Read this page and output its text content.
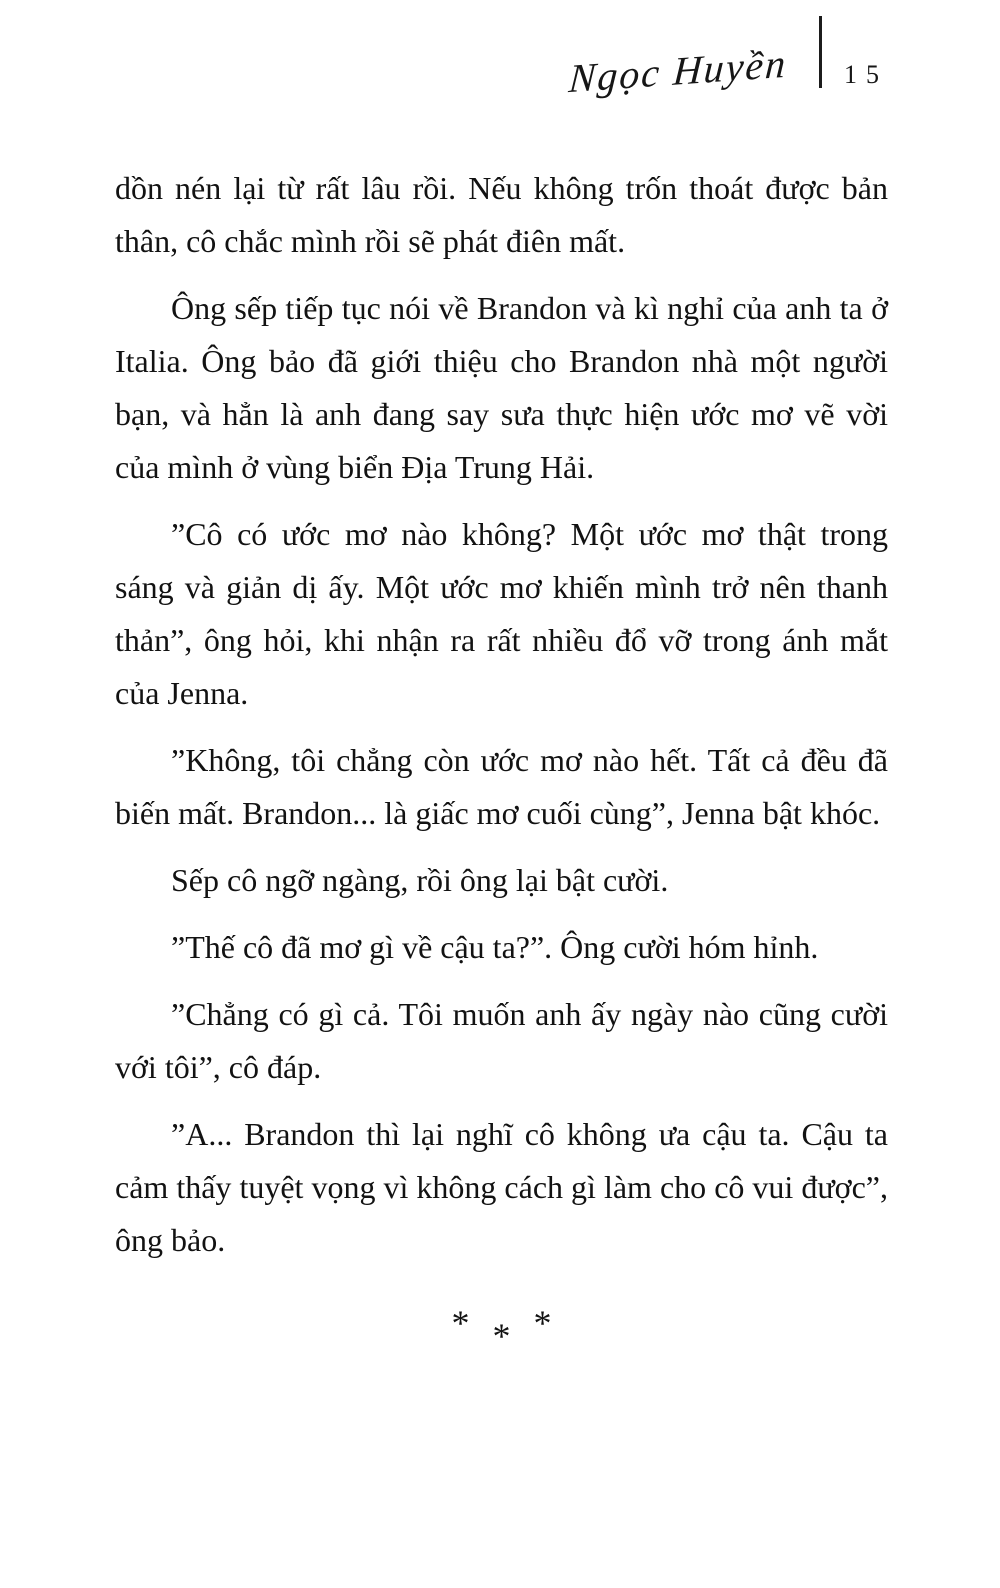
Ngọc Huyền 15

dồn nén lại từ rất lâu rồi. Nếu không trốn thoát được bản thân, cô chắc mình rồi sẽ phát điên mất.

Ông sếp tiếp tục nói về Brandon và kì nghỉ của anh ta ở Italia. Ông bảo đã giới thiệu cho Brandon nhà một người bạn, và hẳn là anh đang say sưa thực hiện ước mơ vẽ vời của mình ở vùng biển Địa Trung Hải.

”Cô có ước mơ nào không? Một ước mơ thật trong sáng và giản dị ấy. Một ước mơ khiến mình trở nên thanh thản”, ông hỏi, khi nhận ra rất nhiều đổ vỡ trong ánh mắt của Jenna.

”Không, tôi chẳng còn ước mơ nào hết. Tất cả đều đã biến mất. Brandon... là giấc mơ cuối cùng”, Jenna bật khóc.

Sếp cô ngỡ ngàng, rồi ông lại bật cười.

”Thế cô đã mơ gì về cậu ta?”. Ông cười hóm hỉnh.

”Chẳng có gì cả. Tôi muốn anh ấy ngày nào cũng cười với tôi”, cô đáp.

”A... Brandon thì lại nghĩ cô không ưa cậu ta. Cậu ta cảm thấy tuyệt vọng vì không cách gì làm cho cô vui được”, ông bảo.

* * *
